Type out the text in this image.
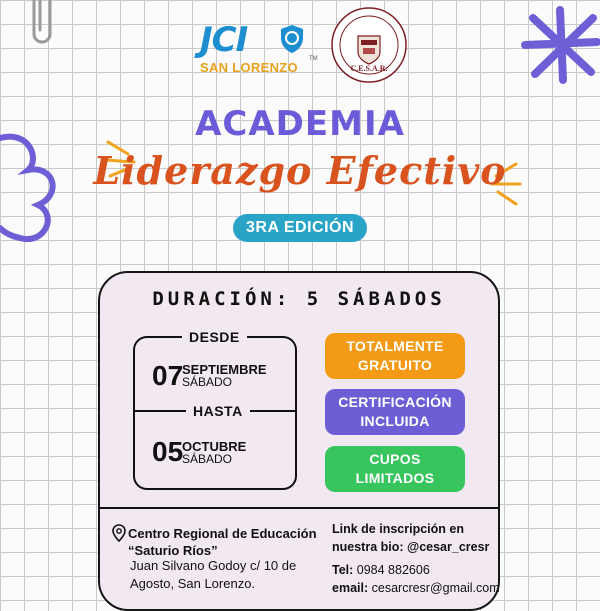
JCI	TM
SAN LORENZO	C.E.S.A.R.
ACADEMIA
Liderazgo Efectivo
3RA EDICIÓN
DURACIÓN: 5 SÁBADOS
DESDE
07
SEPTIEMBRE
SÁBADO
HASTA
05
OCTUBRE
SÁBADO
TOTALMENTE GRATUITO
CERTIFICACIÓN INCLUIDA
CUPOS LIMITADOS
Centro Regional de Educación “Saturio Ríos”
Juan Silvano Godoy c/ 10 de Agosto, San Lorenzo.
Link de inscripción en nuestra bio: @cesar_cresr
Tel: 0984 882606
email: cesarcresr@gmail.com
